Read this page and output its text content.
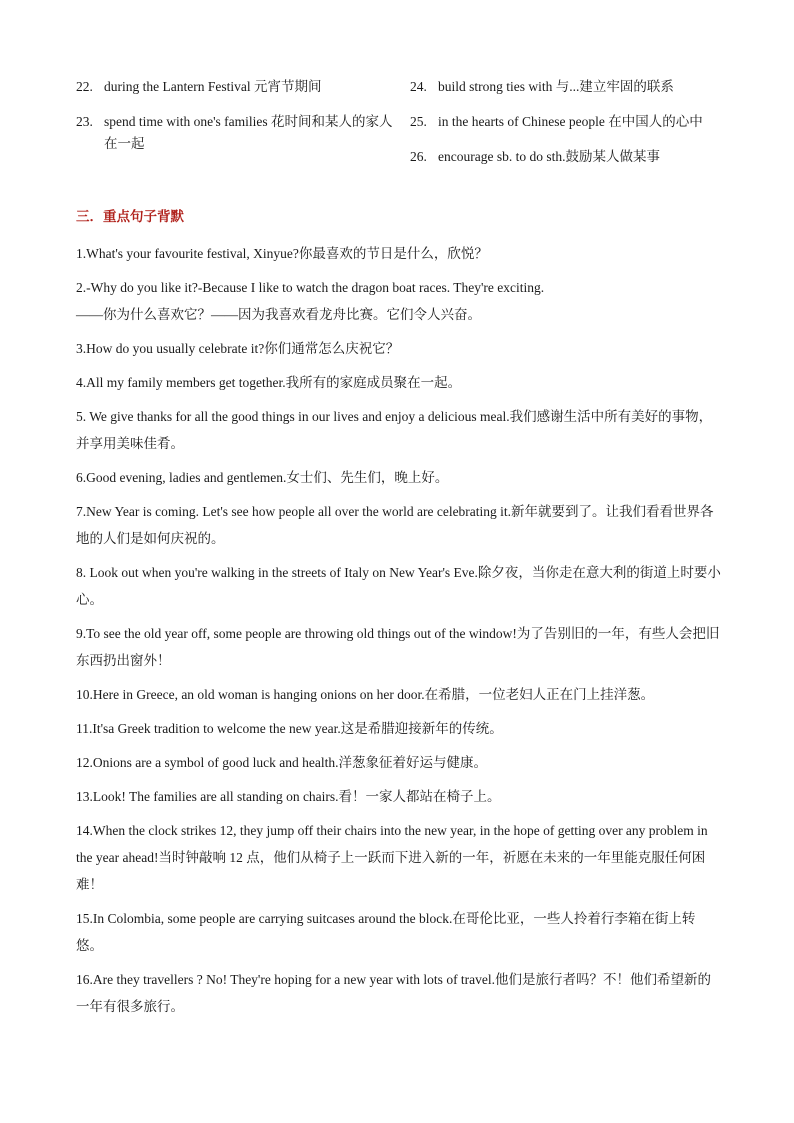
22. during the Lantern Festival 元宵节期间
23. spend time with one's families 花时间和某人的家人在一起
24. build strong ties with 与...建立牢固的联系
25. in the hearts of Chinese people 在中国人的心中
26. encourage sb. to do sth.鼓励某人做某事
三．重点句子背默

1.What's your favourite festival, Xinyue?你最喜欢的节日是什么，欣悦？

2.-Why do you like it?-Because I like to watch the dragon boat races. They're exciting.

——你为什么喜欢它？——因为我喜欢看龙舟比赛。它们令人兴奋。

3.How do you usually celebrate it?你们通常怎么庆祝它？

4.All my family members get together.我所有的家庭成员聚在一起。

5. We give thanks for all the good things in our lives and enjoy a delicious meal.我们感谢生活中所有美好的事物，并享用美味佳肴。

6.Good evening, ladies and gentlemen.女士们、先生们，晚上好。

7.New Year is coming. Let's see how people all over the world are celebrating it.新年就要到了。让我们看看世界各地的人们是如何庆祝的。

8. Look out when you're walking in the streets of Italy on New Year's Eve.除夕夜，当你走在意大利的街道上时要小心。

9.To see the old year off, some people are throwing old things out of the window!为了告别旧的一年，有些人会把旧东西扔出窗外！

10.Here in Greece, an old woman is hanging onions on her door.在希腊，一位老妇人正在门上挂洋葱。

11.It'sa Greek tradition to welcome the new year.这是希腊迎接新年的传统。

12.Onions are a symbol of good luck and health.洋葱象征着好运与健康。

13.Look! The families are all standing on chairs.看！一家人都站在椅子上。

14.When the clock strikes 12, they jump off their chairs into the new year, in the hope of getting over any problem in the year ahead!当时钟敲响 12 点，他们从椅子上一跃而下进入新的一年，祈愿在未来的一年里能克服任何困难！

15.In Colombia, some people are carrying suitcases around the block.在哥伦比亚，一些人拎着行李箱在街上转悠。

16.Are they travellers ? No! They're hoping for a new year with lots of travel.他们是旅行者吗？不！他们希望新的一年有很多旅行。
